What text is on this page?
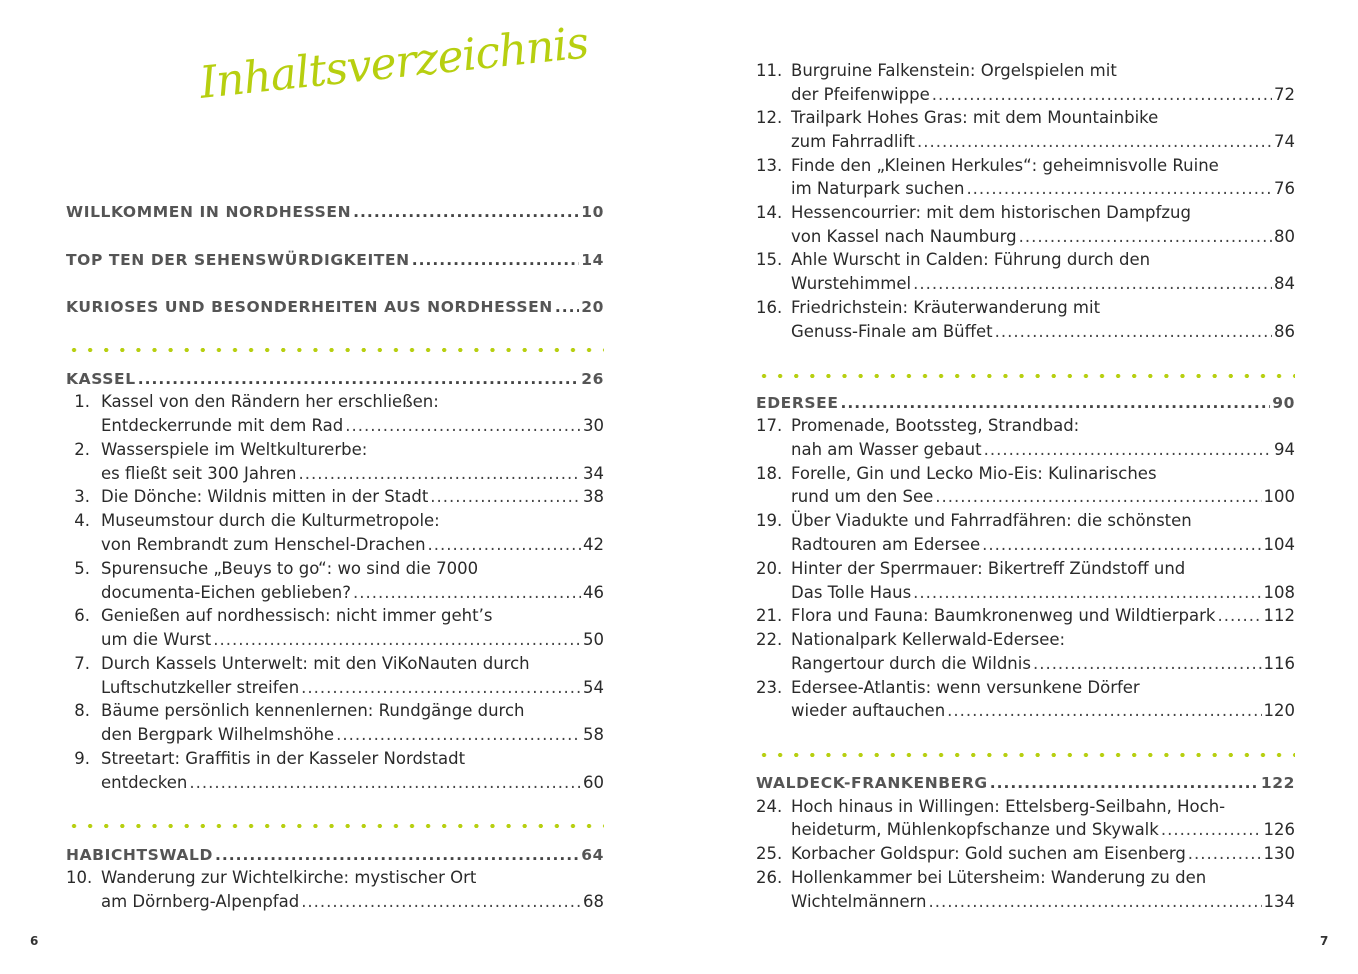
Inhaltsverzeichnis
WILLKOMMEN IN NORDHESSEN .....	10
TOP TEN DER SEHENSWÜRDIGKEITEN .....	14
KURIOSES UND BESONDERHEITEN AUS NORDHESSEN ..... 20
KASSEL .....	26
1. Kassel von den Rändern her erschließen:
Entdeckerrunde mit dem Rad .....	30
2. Wasserspiele im Weltkulturerbe:
es fließt seit 300 Jahren .....	34
3. Die Dönche: Wildnis mitten in der Stadt .....	38
4. Museumstour durch die Kulturmetropole:
von Rembrandt zum Henschel-Drachen .....	42
5. Spurensuche „Beuys to go“: wo sind die 7000
documenta-Eichen geblieben? .....	46
6. Genießen auf nordhessisch: nicht immer geht’s
um die Wurst .....	50
7. Durch Kassels Unterwelt: mit den ViKoNauten durch
Luftschutzkeller streifen .....	54
8. Bäume persönlich kennenlernen: Rundgänge durch
den Bergpark Wilhelmshöhe .....	58
9. Streetart: Graffitis in der Kasseler Nordstadt
entdecken .....	60
HABICHTSWALD .....	64
10. Wanderung zur Wichtelkirche: mystischer Ort
am Dörnberg-Alpenpfad .....	68
11. Burgruine Falkenstein: Orgelspielen mit
der Pfeifenwippe .....	72
12. Trailpark Hohes Gras: mit dem Mountainbike
zum Fahrradlift .....	74
13. Finde den „Kleinen Herkules“: geheimnisvolle Ruine
im Naturpark suchen .....	76
14. Hessencourrier: mit dem historischen Dampfzug
von Kassel nach Naumburg .....	80
15. Ahle Wurscht in Calden: Führung durch den
Wurstehimmel .....	84
16. Friedrichstein: Kräuterwanderung mit
Genuss-Finale am Büffet .....	86
EDERSEE .....	90
17. Promenade, Bootssteg, Strandbad:
nah am Wasser gebaut .....	94
18. Forelle, Gin und Lecko Mio-Eis: Kulinarisches
rund um den See .....	100
19. Über Viadukte und Fahrradfähren: die schönsten
Radtouren am Edersee .....	104
20. Hinter der Sperrmauer: Bikertreff Zündstoff und
Das Tolle Haus .....	108
21. Flora und Fauna: Baumkronenweg und Wildtierpark .....	112
22. Nationalpark Kellerwald-Edersee:
Rangertour durch die Wildnis .....	116
23. Edersee-Atlantis: wenn versunkene Dörfer
wieder auftauchen .....	120
WALDECK-FRANKENBERG .....	122
24. Hoch hinaus in Willingen: Ettelsberg-Seilbahn, Hoch-
heideturm, Mühlenkopfschanze und Skywalk .....	126
25. Korbacher Goldspur: Gold suchen am Eisenberg .....	130
26. Hollenkammer bei Lütersheim: Wanderung zu den
Wichtelmännern .....	134
6	7
